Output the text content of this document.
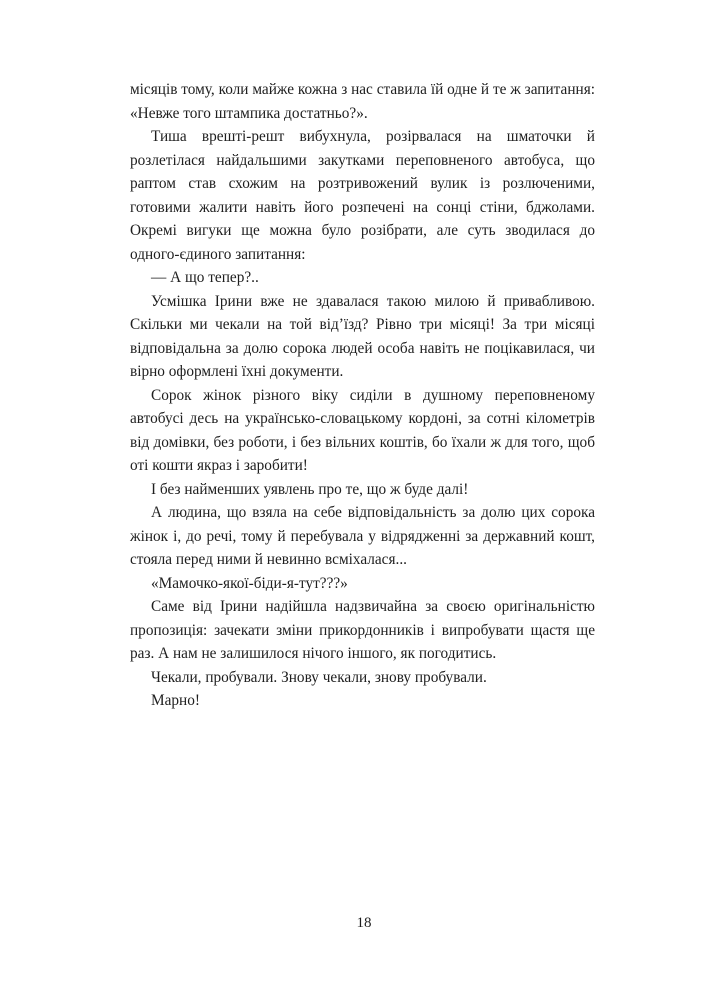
місяців тому, коли майже кожна з нас ставила їй одне й те ж запитання: «Невже того штампика достатньо?».

Тиша врешті-решт вибухнула, розірвалася на шматочки й розлетілася найдальшими закутками переповненого автобуса, що раптом став схожим на розтривожений вулик із розлюченими, готовими жалити навіть його розпечені на сонці стіни, бджолами. Окремі вигуки ще можна було розібрати, але суть зводилася до одного-єдиного запитання:

— А що тепер?..

Усмішка Ірини вже не здавалася такою милою й привабливою. Скільки ми чекали на той від’їзд? Рівно три місяці! За три місяці відповідальна за долю сорока людей особа навіть не поцікавилася, чи вірно оформлені їхні документи.

Сорок жінок різного віку сиділи в душному переповненому автобусі десь на українсько-словацькому кордоні, за сотні кілометрів від домівки, без роботи, і без вільних коштів, бо їхали ж для того, щоб оті кошти якраз і заробити!

І без найменших уявлень про те, що ж буде далі!

А людина, що взяла на себе відповідальність за долю цих сорока жінок і, до речі, тому й перебувала у відрядженні за державний кошт, стояла перед ними й невинно всміхалася...

«Мамочко-якої-біди-я-тут???»

Саме від Ірини надійшла надзвичайна за своєю оригінальністю пропозиція: зачекати зміни прикордонників і випробувати щастя ще раз. А нам не залишилося нічого іншого, як погодитись.

Чекали, пробували. Знову чекали, знову пробували.

Марно!

18
